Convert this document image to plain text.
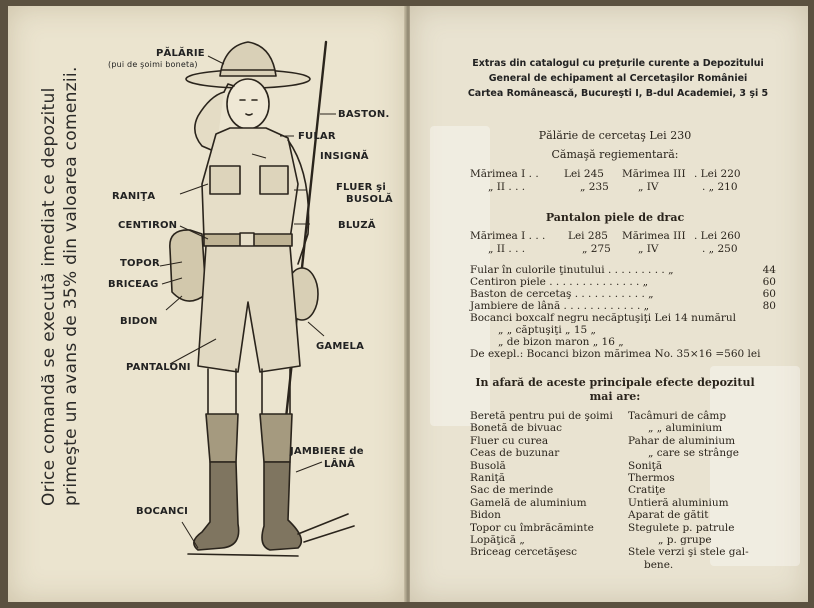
Orice comandă se execută imediat ce depozitul primeşte un avans de 35% din valoarea comenzii.
PĂLĂRIE
(pui de şoimi boneta)
BASTON.
FULAR
INSIGNĂ
FLUER şi
BUSOLĂ
RANIŢA
CENTIRON	BLUZĂ
TOPOR
BRICEAG
BIDON
GAMELA
PANTALONI
JAMBIERE de
LÂNĂ
BOCANCI
Extras din catalogul cu preţurile curente a Depozitului
General de echipament al Cercetaşilor României
Cartea Românească, Bucureşti I, B-dul Academiei, 3 şi 5
Pălărie de cercetaş Lei 230
Cămaşă regiementară:
Mărimea I . . Lei 245 Mărimea III . Lei 220
„ II . . .	„ 235	„ IV	. „ 210
Pantalon piele de drac
Mărimea I . . . Lei 285 Mărimea III . Lei 260
„ II . . .	„ 275	„ IV	. „ 250
Fular în culorile ţinutului . . . . . . . . . „	44
Centiron piele . . . . . . . . . . . . . . „	60
Baston de cercetaş . . . . . . . . . . . „	60
Jambiere de lână . . . . . . . . . . . . „	80
Bocanci boxcalf negru necăptuşiţi Lei 14 numărul
„ „ căptuşiţi „ 15 „
„ de bizon maron „ 16 „
De exepl.: Bocanci bizon mărimea No. 35×16 =560 lei
In afară de aceste principale efecte depozitul
mai are:
Beretă pentru pui de şoimi
Bonetă de bivuac
Fluer cu curea
Ceas de buzunar
Busolă
Raniţă
Sac de merinde
Gamelă de aluminium
Bidon
Topor cu îmbrăcăminte
Lopăţică „
Briceag cercetăşesc
Tacâmuri de câmp
„ „ aluminium
Pahar de aluminium
„ care se strânge
Soniţă
Thermos
Cratiţe
Untieră aluminium
Aparat de gătit
Stegulete p. patrule
„ p. grupe
Stele verzi şi stele gal-
bene.
